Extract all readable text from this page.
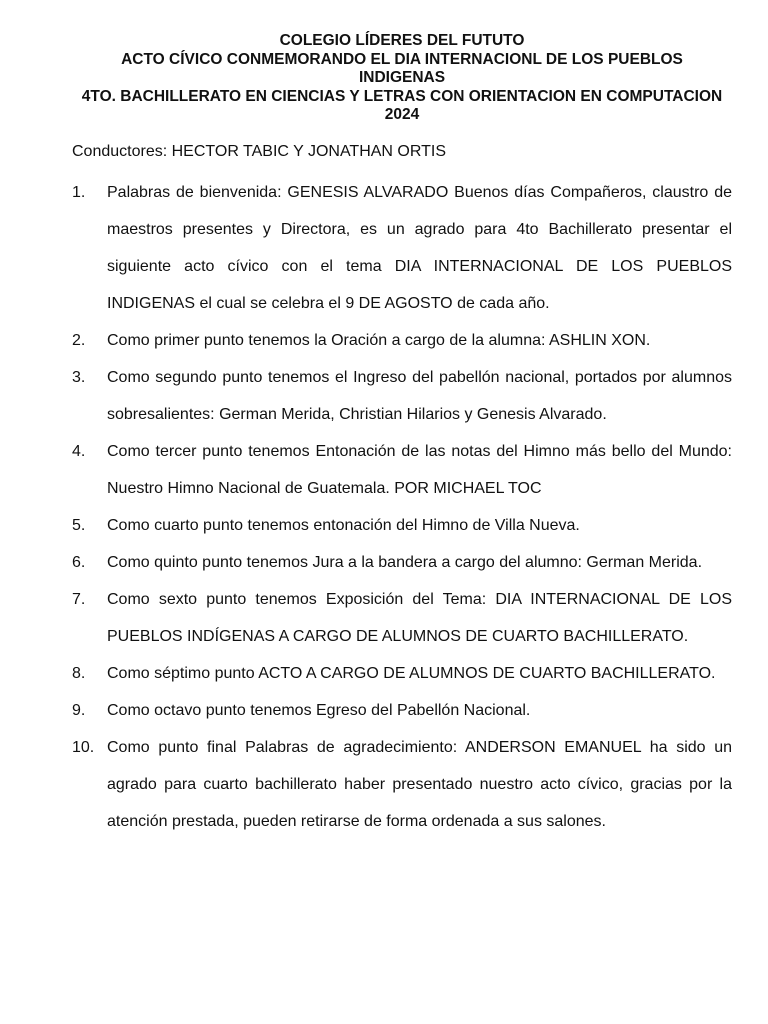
COLEGIO LÍDERES DEL FUTUTO
ACTO CÍVICO CONMEMORANDO EL DIA INTERNACIONL DE LOS PUEBLOS INDIGENAS
4TO. BACHILLERATO EN CIENCIAS Y LETRAS CON ORIENTACION EN COMPUTACION 2024
Conductores: HECTOR TABIC Y JONATHAN ORTIS
1. Palabras de bienvenida: GENESIS ALVARADO Buenos días Compañeros, claustro de maestros presentes y Directora, es un agrado para 4to Bachillerato presentar el siguiente acto cívico con el tema DIA INTERNACIONAL DE LOS PUEBLOS INDIGENAS el cual se celebra el 9 DE AGOSTO de cada año.
2. Como primer punto tenemos la Oración a cargo de la alumna: ASHLIN XON.
3. Como segundo punto tenemos el Ingreso del pabellón nacional, portados por alumnos sobresalientes: German Merida, Christian Hilarios y Genesis Alvarado.
4. Como tercer punto tenemos Entonación de las notas del Himno más bello del Mundo: Nuestro Himno Nacional de Guatemala. POR MICHAEL TOC
5. Como cuarto punto tenemos entonación del Himno de Villa Nueva.
6. Como quinto punto tenemos Jura a la bandera a cargo del alumno: German Merida.
7. Como sexto punto tenemos Exposición del Tema: DIA INTERNACIONAL DE LOS PUEBLOS INDÍGENAS A CARGO DE ALUMNOS DE CUARTO BACHILLERATO.
8. Como séptimo punto ACTO A CARGO DE ALUMNOS DE CUARTO BACHILLERATO.
9. Como octavo punto tenemos Egreso del Pabellón Nacional.
10. Como punto final Palabras de agradecimiento: ANDERSON EMANUEL ha sido un agrado para cuarto bachillerato haber presentado nuestro acto cívico, gracias por la atención prestada, pueden retirarse de forma ordenada a sus salones.
